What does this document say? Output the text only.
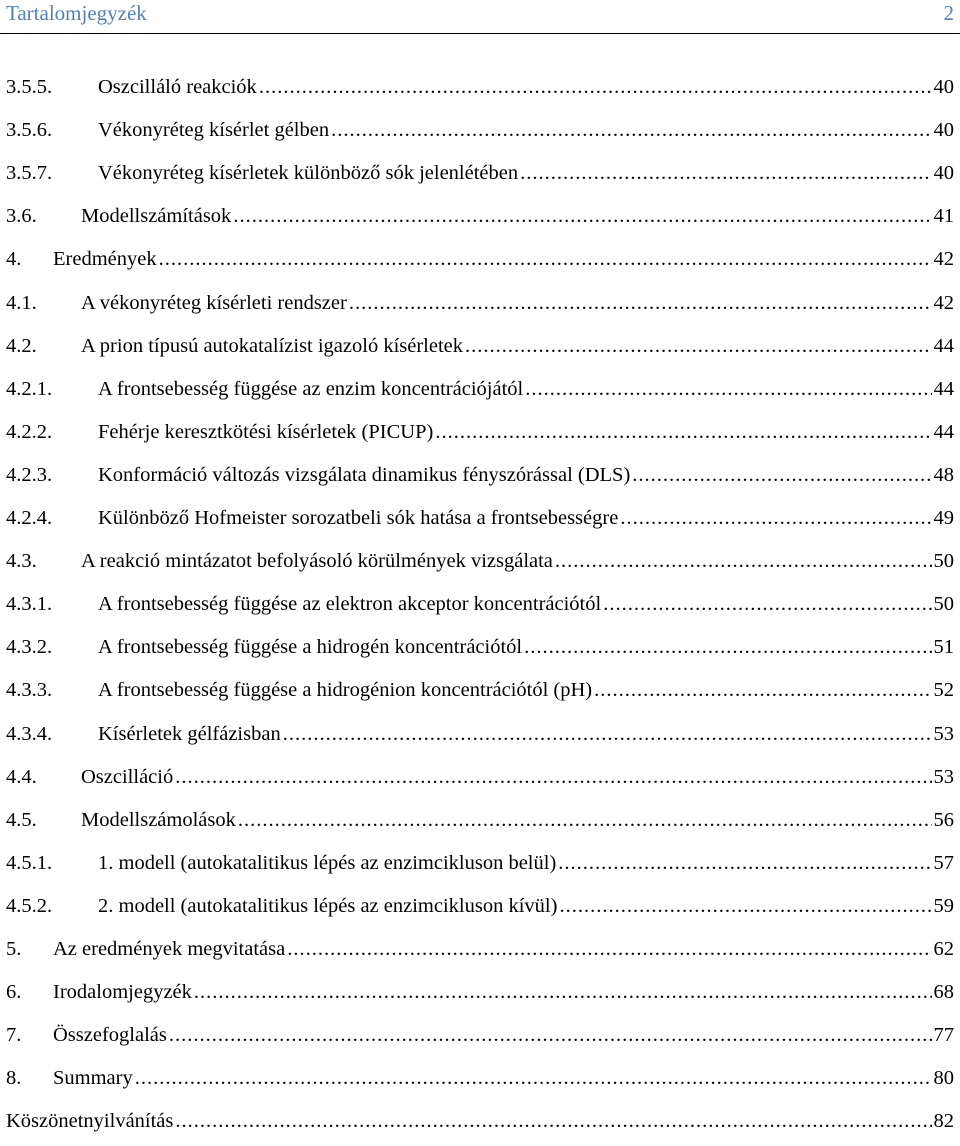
Tartalomjegyzék	2
3.5.5.	Oszcilláló reakciók .....	40
3.5.6.	Vékonyréteg kísérlet gélben .....	40
3.5.7.	Vékonyréteg kísérletek különböző sók jelenlétében .....	40
3.6.	Modellszámítások .....	41
4.	Eredmények .....	42
4.1.	A vékonyréteg kísérleti rendszer .....	42
4.2.	A prion típusú autokatalízist igazoló kísérletek .....	44
4.2.1.	A frontsebesség függése az enzim koncentrációjától .....	44
4.2.2.	Fehérje keresztkötési kísérletek (PICUP) .....	44
4.2.3.	Konformáció változás vizsgálata dinamikus fényszórással (DLS) .....	48
4.2.4.	Különböző Hofmeister sorozatbeli sók hatása a frontsebességre .....	49
4.3.	A reakció mintázatot befolyásoló körülmények vizsgálata .....	50
4.3.1.	A frontsebesség függése az elektron akceptor koncentrációtól .....	50
4.3.2.	A frontsebesség függése a hidrogén koncentrációtól .....	51
4.3.3.	A frontsebesség függése a hidrogénion koncentrációtól (pH) .....	52
4.3.4.	Kísérletek gélfázisban .....	53
4.4.	Oszcilláció .....	53
4.5.	Modellszámolások .....	56
4.5.1.	1. modell (autokatalitikus lépés az enzimcikluson belül) .....	57
4.5.2.	2. modell (autokatalitikus lépés az enzimcikluson kívül) .....	59
5.	Az eredmények megvitatása .....	62
6.	Irodalomjegyzék .....	68
7.	Összefoglalás .....	77
8.	Summary .....	80
Köszönetnyilvánítás .....	82
